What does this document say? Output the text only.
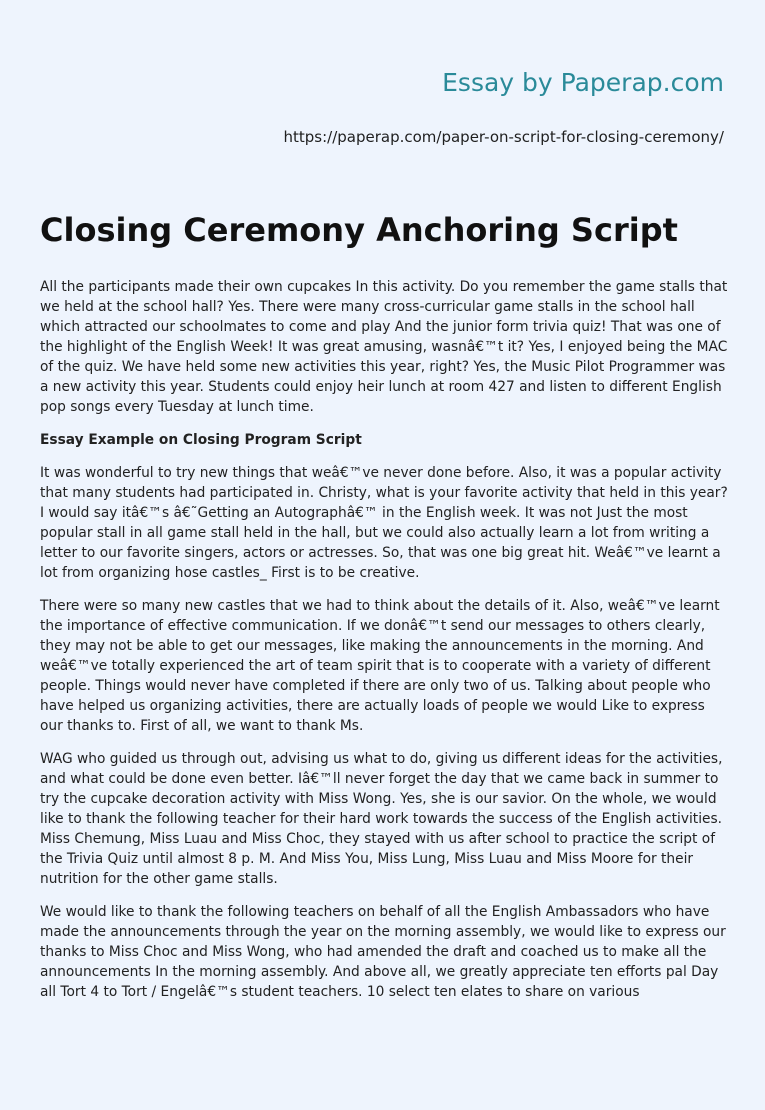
Essay by Paperap.com
https://paperap.com/paper-on-script-for-closing-ceremony/
Closing Ceremony Anchoring Script

All the participants made their own cupcakes In this activity. Do you remember the game stalls that we held at the school hall? Yes. There were many cross-curricular game stalls in the school hall which attracted our schoolmates to come and play And the junior form trivia quiz! That was one of the highlight of the English Week! It was great amusing, wasnâ€™t it? Yes, I enjoyed being the MAC of the quiz. We have held some new activities this year, right? Yes, the Music Pilot Programmer was a new activity this year. Students could enjoy heir lunch at room 427 and listen to different English pop songs every Tuesday at lunch time.

Essay Example on Closing Program Script

It was wonderful to try new things that weâ€™ve never done before. Also, it was a popular activity that many students had participated in. Christy, what is your favorite activity that held in this year? I would say itâ€™s â€˜Getting an Autographâ€™ in the English week. It was not Just the most popular stall in all game stall held in the hall, but we could also actually learn a lot from writing a letter to our favorite singers, actors or actresses. So, that was one big great hit. Weâ€™ve learnt a lot from organizing hose castles_ First is to be creative.

There were so many new castles that we had to think about the details of it. Also, weâ€™ve learnt the importance of effective communication. If we donâ€™t send our messages to others clearly, they may not be able to get our messages, like making the announcements in the morning. And weâ€™ve totally experienced the art of team spirit that is to cooperate with a variety of different people. Things would never have completed if there are only two of us. Talking about people who have helped us organizing activities, there are actually loads of people we would Like to express our thanks to. First of all, we want to thank Ms.

WAG who guided us through out, advising us what to do, giving us different ideas for the activities, and what could be done even better. Iâ€™ll never forget the day that we came back in summer to try the cupcake decoration activity with Miss Wong. Yes, she is our savior. On the whole, we would like to thank the following teacher for their hard work towards the success of the English activities. Miss Chemung, Miss Luau and Miss Choc, they stayed with us after school to practice the script of the Trivia Quiz until almost 8 p. M. And Miss You, Miss Lung, Miss Luau and Miss Moore for their nutrition for the other game stalls.

We would like to thank the following teachers on behalf of all the English Ambassadors who have made the announcements through the year on the morning assembly, we would like to express our thanks to Miss Choc and Miss Wong, who had amended the draft and coached us to make all the announcements In the morning assembly. And above all, we greatly appreciate ten efforts pal Day all Tort 4 to Tort / Engelâ€™s student teachers. 10 select ten elates to share on various
